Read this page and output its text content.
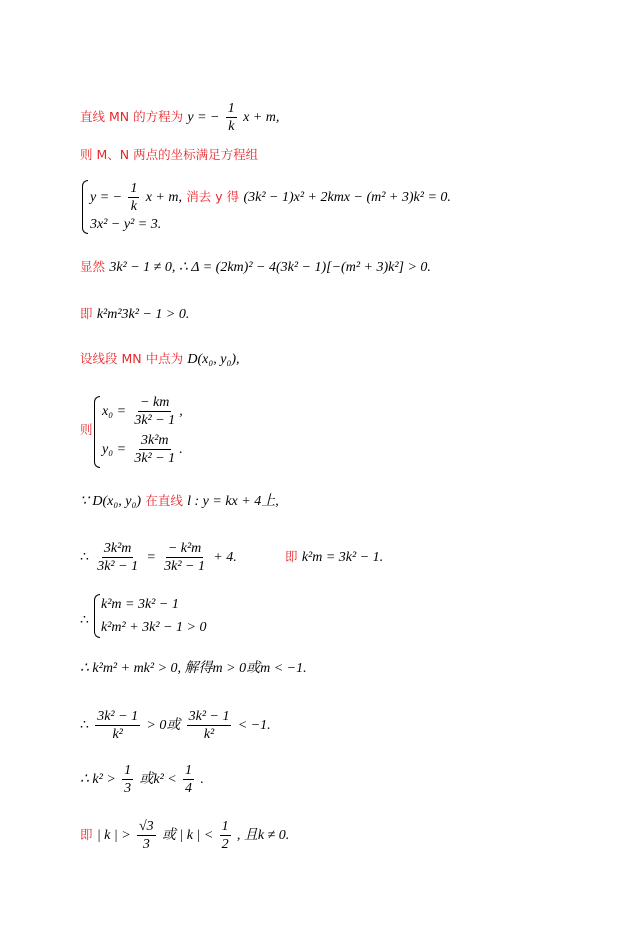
直线 MN 的方程为 y = − $\frac{1}{k}$ x + m,
则 M、N 两点的坐标满足方程组
y = − $\frac{1}{k}$ x + m, 消去 y 得 (3k² − 1)x² + 2kmx − (m² + 3)k² = 0.
3x² − y² = 3.
显然 3k² − 1 ≠ 0, ∴ Δ = (2km)² − 4(3k² − 1)[−(m² + 3)k²] > 0.
即 k²m²3k² − 1 > 0.
设线段 MN 中点为 D(x₀, y₀),
则
$x_0 = \frac{- km}{\text{3k² − 1}}$ ,
$y_0 = \frac{\text{3k²m}}{\text{3k² − 1}}$ .
∵ D(x₀, y₀) 在直线 l : y = kx + 4上,
∴ $\frac{\text{3k²m}}{\text{3k² − 1}} = \frac{\text{− k²m}}{\text{3k² − 1}} + 4$.	即 k²m = 3k² − 1.
∴
k²m = 3k² − 1
k²m² + 3k² − 1 > 0
∴ k²m² + mk² > 0, 解得m > 0或m < −1.
∴ $\frac{\text{3k² − 1}}{\text{k²}} > 0$或 $\frac{\text{3k² − 1}}{\text{k²}} < -1$.
∴ $k^2 > \frac{1}{3}$ 或$k^2 < \frac{1}{4}$ .
即 | k | > $\frac{√3}{3}$ 或 | k | < $\frac{1}{2}$ , 且k ≠ 0.
